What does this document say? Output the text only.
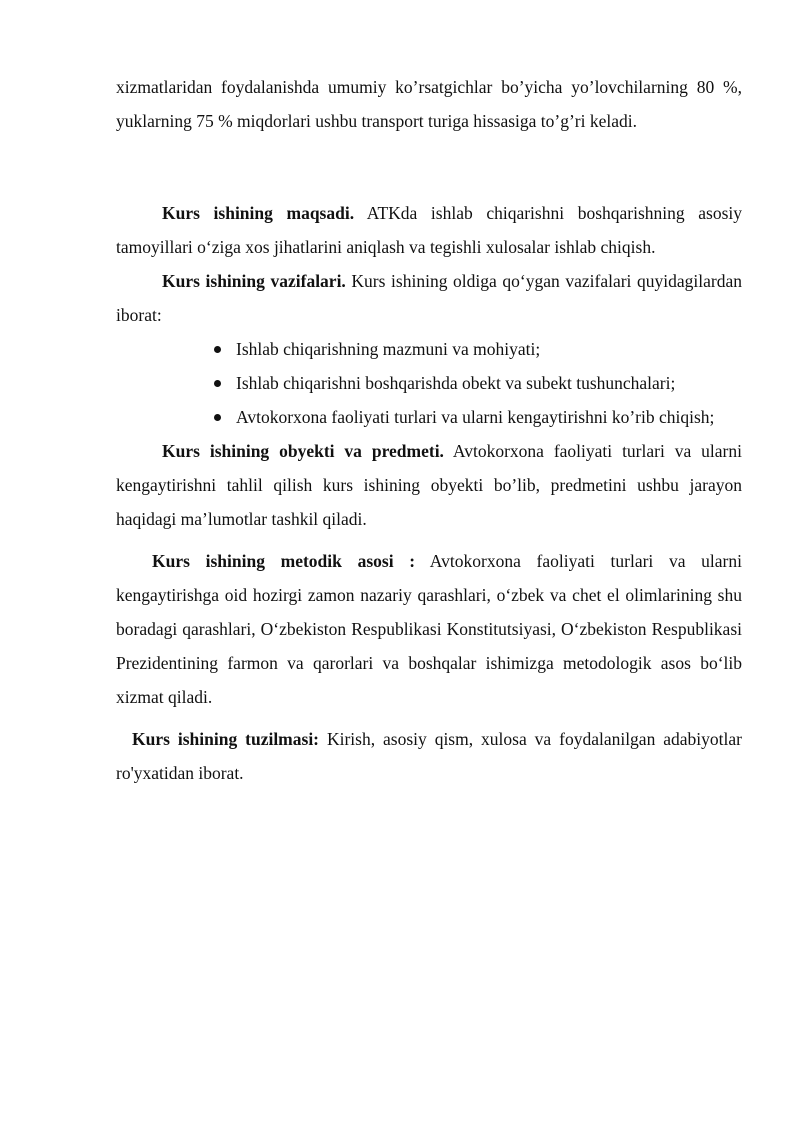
xizmatlaridan foydalanishda umumiy ko’rsatgichlar bo’yicha yo’lovchilarning 80 %, yuklarning 75 % miqdorlari ushbu transport turiga hissasiga to’g’ri keladi.

Kurs ishining maqsadi. ATKda ishlab chiqarishni boshqarishning asosiy tamoyillari o‘ziga xos jihatlarini aniqlash va tegishli xulosalar ishlab chiqish.

Kurs ishining vazifalari. Kurs ishining oldiga qo‘ygan vazifalari quyidagilardan iborat:

Ishlab chiqarishning mazmuni va mohiyati;
Ishlab chiqarishni boshqarishda obekt va subekt tushunchalari;
Avtokorxona faoliyati turlari va ularni kengaytirishni ko’rib chiqish;

Kurs ishining obyekti va predmeti. Avtokorxona faoliyati turlari va ularni kengaytirishni tahlil qilish kurs ishining obyekti bo’lib, predmetini ushbu jarayon haqidagi ma’lumotlar tashkil qiladi.

Kurs ishining metodik asosi : Avtokorxona faoliyati turlari va ularni kengaytirishga oid hozirgi zamon nazariy qarashlari, o‘zbek va chet el olimlarining shu boradagi qarashlari, O‘zbekiston Respublikasi Konstitutsiyasi, O‘zbekiston Respublikasi Prezidentining farmon va qarorlari va boshqalar ishimizga metodologik asos bo‘lib xizmat qiladi.

Kurs ishining tuzilmasi: Kirish, asosiy qism, xulosa va foydalanilgan adabiyotlar ro'yxatidan iborat.
